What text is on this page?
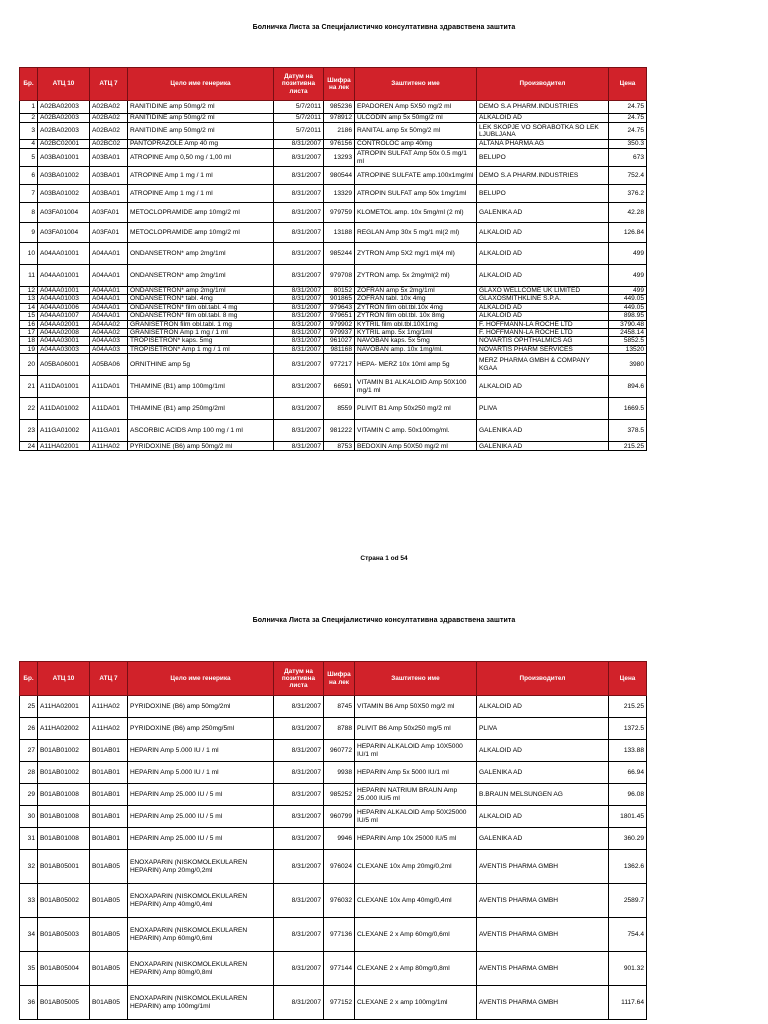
Болничка Листа за Специјалистичко консултативна здравствена заштита
Бр.	АТЦ 10	АТЦ 7	Цело име генерика	Датум на позитивна листа	Шифра на лек	Заштитено име	Производител	Цена
1	A02BA02003	A02BA02	RANITIDINE amp 50mg/2 ml	5/7/2011	985236	EPADOREN Amp 5X50 mg/2 ml	DEMO S.A PHARM.INDUSTRIES	24.75
2	A02BA02003	A02BA02	RANITIDINE amp 50mg/2 ml	5/7/2011	978912	ULCODIN amp 5x 50mg/2 ml	ALKALOID AD	24.75
3	A02BA02003	A02BA02	RANITIDINE amp 50mg/2 ml	5/7/2011	2186	RANITAL amp 5x 50mg/2 ml	LEK SKOPJE VO SORABOTKA SO LEK LJUBLJANA	24.75
4	A02BC02001	A02BC02	PANTOPRAZOLE Amp 40 mg	8/31/2007	976156	CONTROLOC amp 40mg	ALTANA PHARMA AG	350.3
5	A03BA01001	A03BA01	ATROPINE Amp 0,50 mg / 1,00 ml	8/31/2007	13293	ATROPIN SULFAT Amp 50x 0.5 mg/1 ml	BELUPO	673
6	A03BA01002	A03BA01	ATROPINE Amp 1 mg / 1 ml	8/31/2007	980544	ATROPINE SULFATE amp.100x1mg/ml	DEMO S.A PHARM.INDUSTRIES	752.4
7	A03BA01002	A03BA01	ATROPINE Amp 1 mg / 1 ml	8/31/2007	13329	ATROPIN SULFAT amp 50x 1mg/1ml	BELUPO	376.2
8	A03FA01004	A03FA01	METOCLOPRAMIDE amp 10mg/2 ml	8/31/2007	979759	KLOMETOL amp. 10x 5mg/ml (2 ml)	GALENIKA AD	42.28
9	A03FA01004	A03FA01	METOCLOPRAMIDE amp 10mg/2 ml	8/31/2007	13188	REGLAN Amp 30x 5 mg/1 ml(2 ml)	ALKALOID AD	126.84
10	A04AA01001	A04AA01	ONDANSETRON* amp 2mg/1ml	8/31/2007	985244	ZYTRON Amp 5X2 mg/1 ml(4 ml)	ALKALOID AD	499
11	A04AA01001	A04AA01	ONDANSETRON* amp 2mg/1ml	8/31/2007	979708	ZYTRON amp. 5x 2mg/ml(2 ml)	ALKALOID AD	499
12	A04AA01001	A04AA01	ONDANSETRON* amp 2mg/1ml	8/31/2007	80152	ZOFRAN amp 5x 2mg/1ml	GLAXO WELLCOME UK LIMITED	499
13	A04AA01003	A04AA01	ONDANSETRON* tabl. 4mg	8/31/2007	901865	ZOFRAN tabl. 10x 4mg	GLAXOSMITHKLINE S.P.A.	449.05
14	A04AA01006	A04AA01	ONDANSETRON* film obl.tabl. 4 mg	8/31/2007	979643	ZYTRON film obl.tbl.10x 4mg	ALKALOID AD	449.05
15	A04AA01007	A04AA01	ONDANSETRON* film obl.tabl. 8 mg	8/31/2007	979651	ZYTRON film obl.tbl. 10x 8mg	ALKALOID AD	898.95
16	A04AA02001	A04AA02	GRANISETRON film obl.tabl. 1 mg	8/31/2007	979902	KYTRIL film obl.tbl.10X1mg	F. HOFFMANN-LA ROCHE LTD	3790.48
17	A04AA02008	A04AA02	GRANISETRON Amp 1 mg / 1 ml	8/31/2007	979937	KYTRIL amp. 5x 1mg/1ml	F. HOFFMANN-LA ROCHE LTD	2458.14
18	A04AA03001	A04AA03	TROPISETRON* kaps. 5mg	8/31/2007	961027	NAVOBAN kaps. 5x 5mg	NOVARTIS OPHTHALMICS AG	5852.5
19	A04AA03003	A04AA03	TROPISETRON* Amp 1 mg / 1 ml	8/31/2007	981168	NAVOBAN amp. 10x 1mg/ml.	NOVARTIS PHARM SERVICES	13520
20	A05BA06001	A05BA06	ORNITHINE amp 5g	8/31/2007	977217	HEPA- MERZ 10x 10ml amp 5g	MERZ PHARMA GMBH & COMPANY KGAA	3980
21	A11DA01001	A11DA01	THIAMINE (B1) amp 100mg/1ml	8/31/2007	66591	VITAMIN B1 ALKALOID Amp 50X100 mg/1 ml	ALKALOID AD	894.6
22	A11DA01002	A11DA01	THIAMINE (B1) amp 250mg/2ml	8/31/2007	8559	PLIVIT B1 Amp 50x250 mg/2 ml	PLIVA	1669.5
23	A11GA01002	A11GA01	ASCORBIC ACIDS Amp 100 mg / 1 ml	8/31/2007	981222	VITAMIN C amp. 50x100mg/ml.	GALENIKA AD	378.5
24	A11HA02001	A11HA02	PYRIDOXINE (B6) amp 50mg/2 ml	8/31/2007	8753	BEDOXIN Amp 50X50 mg/2 ml	GALENIKA AD	215.25
Страна 1 od 54
Болничка Листа за Специјалистичко консултативна здравствена заштита
Бр.	АТЦ 10	АТЦ 7	Цело име генерика	Датум на позитивна листа	Шифра на лек	Заштитено име	Производител	Цена
25	A11HA02001	A11HA02	PYRIDOXINE (B6) amp 50mg/2ml	8/31/2007	8745	VITAMIN B6 Amp 50X50 mg/2 ml	ALKALOID AD	215.25
26	A11HA02002	A11HA02	PYRIDOXINE (B6) amp 250mg/5ml	8/31/2007	8788	PLIVIT B6 Amp 50x250 mg/5 ml	PLIVA	1372.5
27	B01AB01002	B01AB01	HEPARIN Amp 5.000 IU / 1 ml	8/31/2007	960772	HEPARIN ALKALOID Amp 10X5000 IU/1 ml	ALKALOID AD	133.88
28	B01AB01002	B01AB01	HEPARIN Amp 5.000 IU / 1 ml	8/31/2007	9938	HEPARIN Amp 5x 5000 IU/1 ml	GALENIKA AD	66.94
29	B01AB01008	B01AB01	HEPARIN Amp 25.000 IU / 5 ml	8/31/2007	985252	HEPARIN NATRIUM BRAUN Amp 25.000 IU/5 ml	B.BRAUN MELSUNGEN AG	96.08
30	B01AB01008	B01AB01	HEPARIN Amp 25.000 IU / 5 ml	8/31/2007	960799	HEPARIN ALKALOID Amp 50X25000 IU/5 ml	ALKALOID AD	1801.45
31	B01AB01008	B01AB01	HEPARIN Amp 25.000 IU / 5 ml	8/31/2007	9946	HEPARIN Amp 10x 25000 IU/5 ml	GALENIKA AD	360.29
32	B01AB05001	B01AB05	ENOXAPARIN (NISKOMOLEKULAREN HEPARIN) Amp 20mg/0,2ml	8/31/2007	976024	CLEXANE 10x Amp 20mg/0,2ml	AVENTIS PHARMA GMBH	1362.6
33	B01AB05002	B01AB05	ENOXAPARIN (NISKOMOLEKULAREN HEPARIN) Amp 40mg/0,4ml	8/31/2007	976032	CLEXANE 10x Amp 40mg/0,4ml	AVENTIS PHARMA GMBH	2589.7
34	B01AB05003	B01AB05	ENOXAPARIN (NISKOMOLEKULAREN HEPARIN) Amp 60mg/0,6ml	8/31/2007	977136	CLEXANE 2 x Amp 60mg/0,6ml	AVENTIS PHARMA GMBH	754.4
35	B01AB05004	B01AB05	ENOXAPARIN (NISKOMOLEKULAREN HEPARIN) Amp 80mg/0,8ml	8/31/2007	977144	CLEXANE 2 x Amp 80mg/0,8ml	AVENTIS PHARMA GMBH	901.32
36	B01AB05005	B01AB05	ENOXAPARIN (NISKOMOLEKULAREN HEPARIN) amp 100mg/1ml	8/31/2007	977152	CLEXANE 2 x amp 100mg/1ml	AVENTIS PHARMA GMBH	1117.64
